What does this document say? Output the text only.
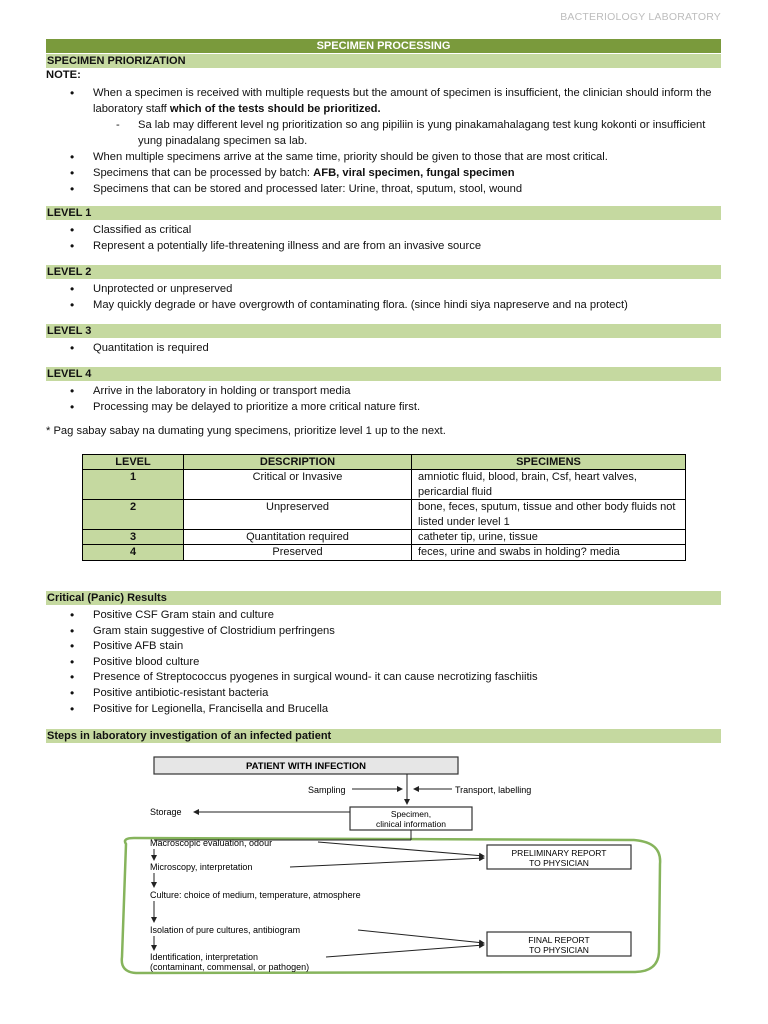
BACTERIOLOGY LABORATORY
SPECIMEN PROCESSING
SPECIMEN PRIORIZATION
NOTE:
• When a specimen is received with multiple requests but the amount of specimen is insufficient, the clinician should inform the laboratory staff which of the tests should be prioritized.
- Sa lab may different level ng prioritization so ang pipiliin is yung pinakamahalagang test kung kokonti or insufficient yung pinadalang specimen sa lab.
• When multiple specimens arrive at the same time, priority should be given to those that are most critical.
• Specimens that can be processed by batch: AFB, viral specimen, fungal specimen
• Specimens that can be stored and processed later: Urine, throat, sputum, stool, wound
LEVEL 1
• Classified as critical
• Represent a potentially life-threatening illness and are from an invasive source
LEVEL 2
• Unprotected or unpreserved
• May quickly degrade or have overgrowth of contaminating flora. (since hindi siya napreserve and na protect)
LEVEL 3
• Quantitation is required
LEVEL 4
• Arrive in the laboratory in holding or transport media
• Processing may be delayed to prioritize a more critical nature first.
* Pag sabay sabay na dumating yung specimens, prioritize level 1 up to the next.
LEVEL	DESCRIPTION	SPECIMENS
1	Critical or Invasive	amniotic fluid, blood, brain, Csf, heart valves, pericardial fluid
2	Unpreserved	bone, feces, sputum, tissue and other body fluids not listed under level 1
3	Quantitation required	catheter tip, urine, tissue
4	Preserved	feces, urine and swabs in holding? media
Critical (Panic) Results
• Positive CSF Gram stain and culture
• Gram stain suggestive of Clostridium perfringens
• Positive AFB stain
• Positive blood culture
• Presence of Streptococcus pyogenes in surgical wound- it can cause necrotizing faschiitis
• Positive antibiotic-resistant bacteria
• Positive for Legionella, Francisella and Brucella
Steps in laboratory investigation of an infected patient
PATIENT WITH INFECTION
Sampling	Transport, labelling
Specimen,
clinical information
Storage
Macroscopic evaluation, odour
Microscopy, interpretation
Culture: choice of medium, temperature, atmosphere
Isolation of pure cultures, antibiogram
Identification, interpretation
(contaminant, commensal, or pathogen)
PRELIMINARY REPORT
TO PHYSICIAN
FINAL REPORT
TO PHYSICIAN
